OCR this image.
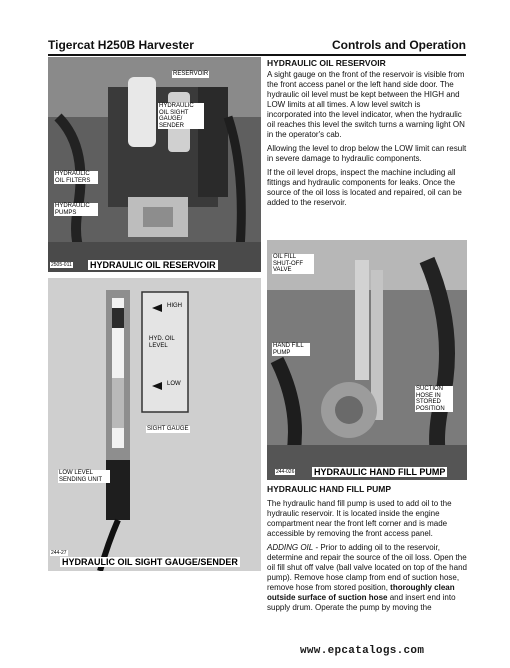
Tigercat H250B Harvester	Controls and Operation
RESERVOIR
HYDRAULIC OIL SIGHT GAUGE/ SENDER
HYDRAULIC OIL FILTERS
HYDRAULIC PUMPS
2505-011 HYDRAULIC OIL RESERVOIR
HIGH
HYD. OIL LEVEL
LOW
SIGHT GAUGE
LOW LEVEL SENDING UNIT
244-27
HYDRAULIC OIL SIGHT GAUGE/SENDER
HYDRAULIC OIL RESERVOIR

A sight gauge on the front of the reservoir is visible from the front access panel or the left hand side door. The hydraulic oil level must be kept between the HIGH and LOW limits at all times. A low level switch is incorporated into the level indicator, when the hydraulic oil reaches this level the switch turns a warning light ON in the operator's cab.

Allowing the level to drop below the LOW limit can result in severe damage to hydraulic components.

If the oil level drops, inspect the machine including all fittings and hydraulic components for leaks. Once the source of the oil loss is located and repaired, oil can be added to the reservoir.

OIL FILL SHUT-OFF VALVE
HAND FILL PUMP
SUCTION HOSE IN STORED POSITION
244-026 HYDRAULIC HAND FILL PUMP
HYDRAULIC HAND FILL PUMP

The hydraulic hand fill pump is used to add oil to the hydraulic reservoir. It is located inside the engine compartment near the front left corner and is made accessible by removing the front access panel.

ADDING OIL - Prior to adding oil to the reservoir, determine and repair the source of the oil loss. Open the oil fill shut off valve (ball valve located on top of the hand pump). Remove hose clamp from end of suction hose, remove hose from stored position, thoroughly clean outside surface of suction hose and insert end into supply drum. Operate the pump by moving the

www.epcatalogs.com
